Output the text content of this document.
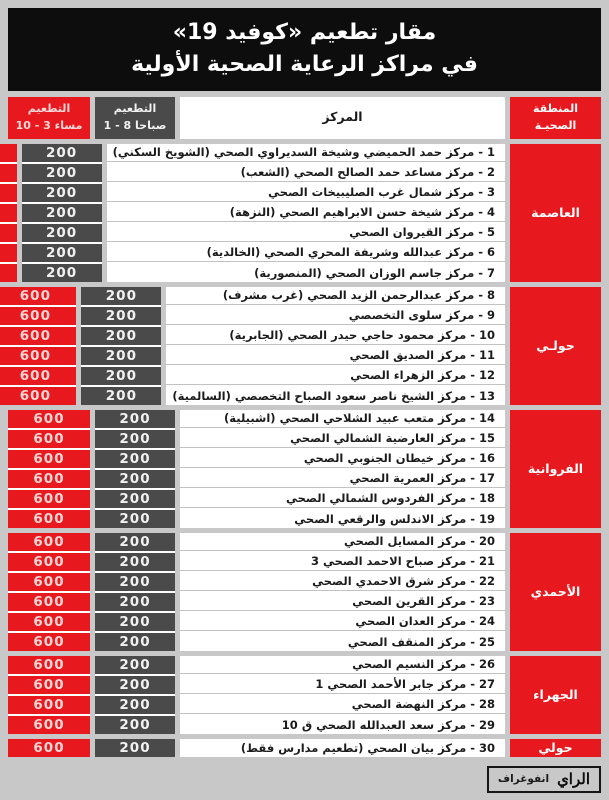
مقار تطعيم «كوفيد 19»
في مراكز الرعاية الصحية الأولية
المنطقة
الصحيـة
المركز
التطعيم
صباحا 8 - 1
التطعيم
مساء 3 - 10
العاصمة
1 - مركز حمد الحميضي وشيخة السديراوي الصحي (الشويخ السكني)
2 - مركز مساعد حمد الصالح الصحي (الشعب)
3 - مركز شمال غرب الصليبيخات الصحي
4 - مركز شيخة حسن الابراهيم الصحي (النزهة)
5 - مركز القيروان الصحي
6 - مركز عبدالله وشريفة المحري الصحي (الخالدية)
7 - مركز جاسم الوزان الصحي (المنصورية)
200
200
200
200
200
200
200
حولـي
8 - مركز عبدالرحمن الزيد الصحي (غرب مشرف)
9 - مركز سلوى التخصصي
10 - مركز محمود حاجي حيدر الصحي (الجابرية)
11 - مركز الصديق الصحي
12 - مركز الزهراء الصحي
13 - مركز الشيخ ناصر سعود الصباح التخصصي (السالمية)
200
200
200
200
200
200
600
600
600
600
600
600
الفروانية
14 - مركز متعب عبيد الشلاحي الصحي (اشبيلية)
15 - مركز العارضية الشمالي الصحي
16 - مركز خيطان الجنوبي الصحي
17 - مركز العمرية الصحي
18 - مركز الفردوس الشمالي الصحي
19 - مركز الاندلس والرقعي الصحي
200
200
200
200
200
200
600
600
600
600
600
600
الأحمدي
20 - مركز المسايل الصحي
21 - مركز صباح الاحمد الصحي 3
22 - مركز شرق الاحمدي الصحي
23 - مركز القرين الصحي
24 - مركز العدان الصحي
25 - مركز المنقف الصحي
200
200
200
200
200
200
600
600
600
600
600
600
الجهراء
26 - مركز النسيم الصحي
27 - مركز جابر الأحمد الصحي 1
28 - مركز النهضة الصحي
29 - مركز سعد العبدالله الصحي ق 10
200
200
200
200
600
600
600
600
حولي
30 - مركز بيان الصحي (تطعيم مدارس فقط)
200
600
الراي
انفوغراف
